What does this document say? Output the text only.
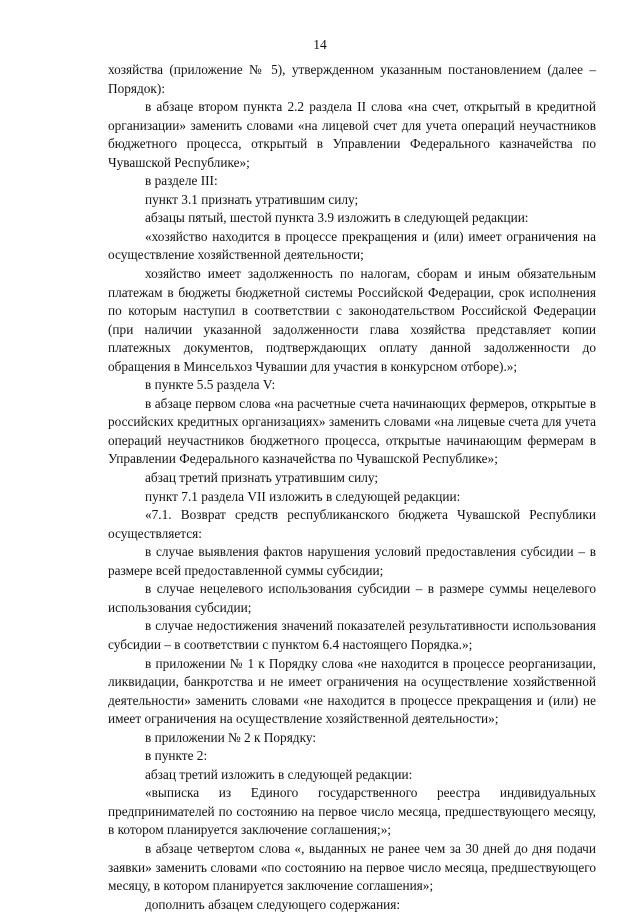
14

хозяйства (приложение № 5), утвержденном указанным постановлением (далее – Порядок):

в абзаце втором пункта 2.2 раздела II слова «на счет, открытый в кредитной организации» заменить словами «на лицевой счет для учета операций неучастников бюджетного процесса, открытый в Управлении Федерального казначейства по Чувашской Республике»;

в разделе III:

пункт 3.1 признать утратившим силу;

абзацы пятый, шестой пункта 3.9 изложить в следующей редакции:

«хозяйство находится в процессе прекращения и (или) имеет ограничения на осуществление хозяйственной деятельности;

хозяйство имеет задолженность по налогам, сборам и иным обязательным платежам в бюджеты бюджетной системы Российской Федерации, срок исполнения по которым наступил в соответствии с законодательством Российской Федерации (при наличии указанной задолженности глава хозяйства представляет копии платежных документов, подтверждающих оплату данной задолженности до обращения в Минсельхоз Чувашии для участия в конкурсном отборе).»;

в пункте 5.5 раздела V:

в абзаце первом слова «на расчетные счета начинающих фермеров, открытые в российских кредитных организациях» заменить словами «на лицевые счета для учета операций неучастников бюджетного процесса, открытые начинающим фермерам в Управлении Федерального казначейства по Чувашской Республике»;

абзац третий признать утратившим силу;

пункт 7.1 раздела VII изложить в следующей редакции:

«7.1. Возврат средств республиканского бюджета Чувашской Республики осуществляется:

в случае выявления фактов нарушения условий предоставления субсидии – в размере всей предоставленной суммы субсидии;

в случае нецелевого использования субсидии – в размере суммы нецелевого использования субсидии;

в случае недостижения значений показателей результативности использования субсидии – в соответствии с пунктом 6.4 настоящего Порядка.»;

в приложении № 1 к Порядку слова «не находится в процессе реорганизации, ликвидации, банкротства и не имеет ограничения на осуществление хозяйственной деятельности» заменить словами «не находится в процессе прекращения и (или) не имеет ограничения на осуществление хозяйственной деятельности»;

в приложении № 2 к Порядку:

в пункте 2:

абзац третий изложить в следующей редакции:

«выписка из Единого государственного реестра индивидуальных предпринимателей по состоянию на первое число месяца, предшествующего месяцу, в котором планируется заключение соглашения;»;

в абзаце четвертом слова «, выданных не ранее чем за 30 дней до дня подачи заявки» заменить словами «по состоянию на первое число месяца, предшествующего месяцу, в котором планируется заключение соглашения»;

дополнить абзацем следующего содержания:
